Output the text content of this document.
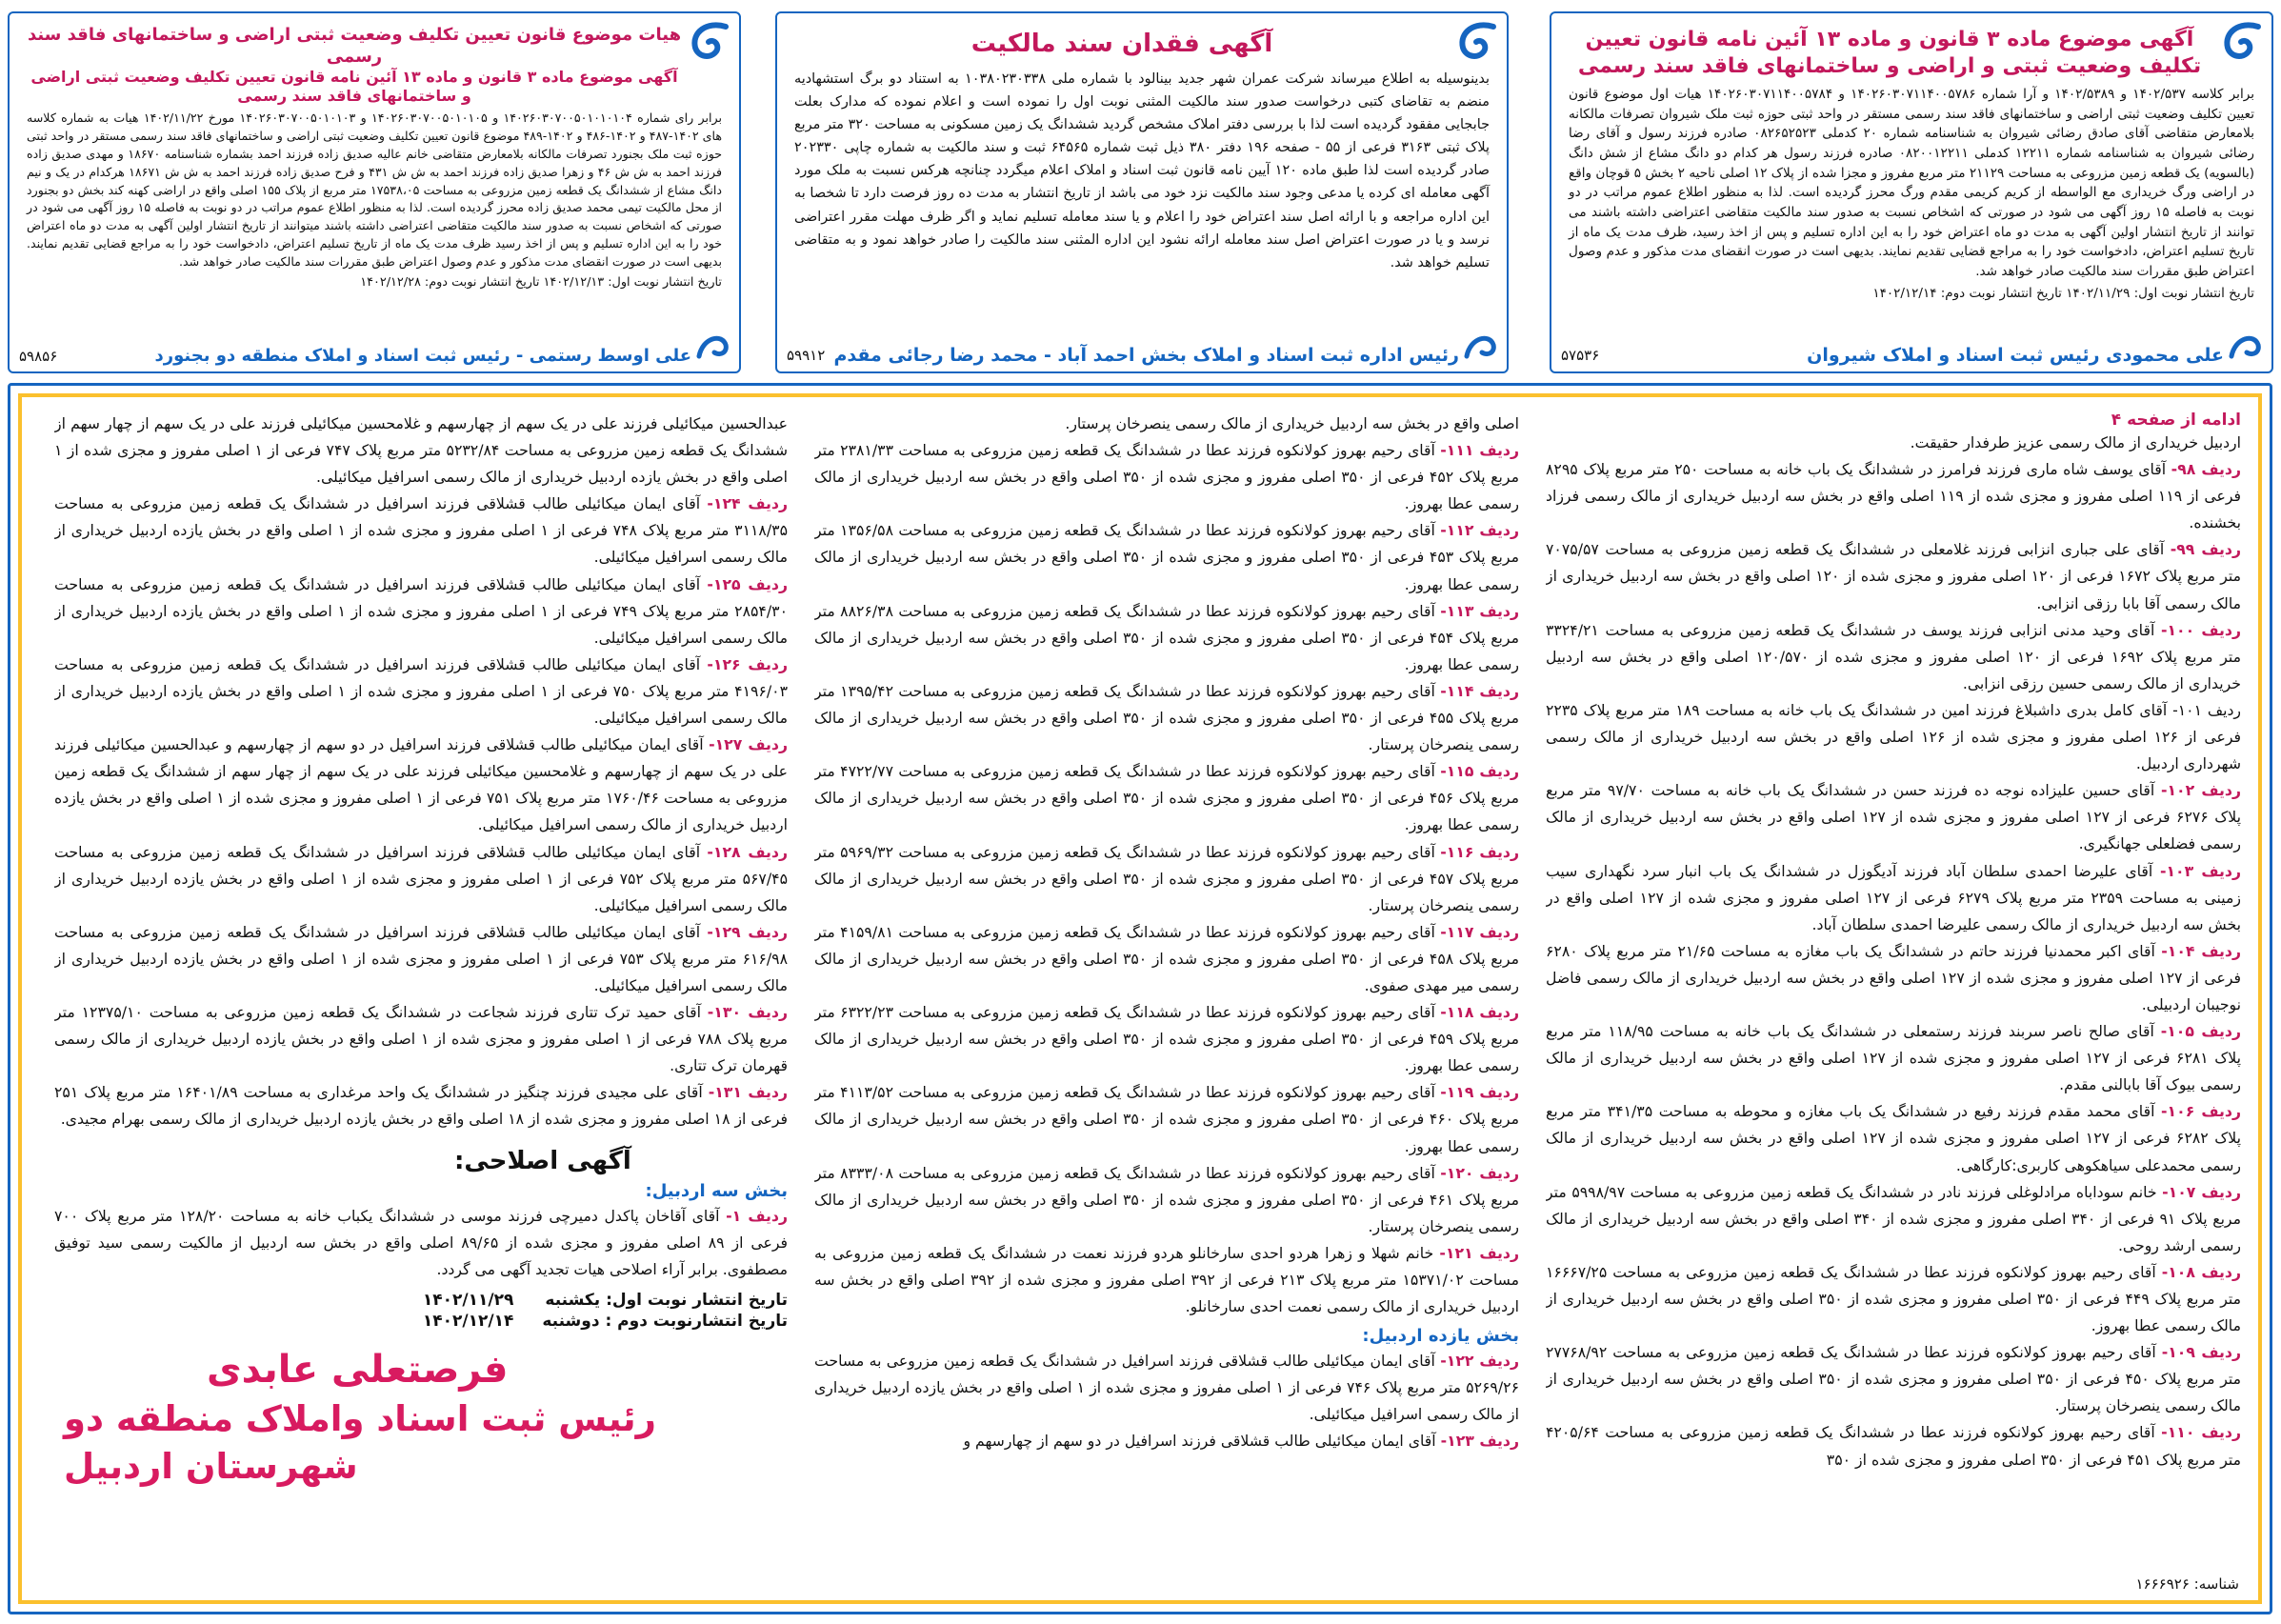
آگهی موضوع ماده ۳ قانون و ماده ۱۳ آئین نامه قانون تعیین تکلیف وضعیت ثبتی و اراضی و ساختمانهای فاقد سند رسمی

برابر کلاسه ۱۴۰۲/۵۳۷ و ۱۴۰۲/۵۳۸۹ و آرا شماره ۱۴۰۲۶۰۳۰۷۱۱۴۰۰۵۷۸۶ و ۱۴۰۲۶۰۳۰۷۱۱۴۰۰۵۷۸۴ هیات اول موضوع قانون تعیین تکلیف وضعیت ثبتی اراضی و ساختمانهای فاقد سند رسمی مستقر در واحد ثبتی حوزه ثبت ملک شیروان تصرفات مالکانه بلامعارض متقاضی آقای صادق رضائی شیروان به شناسنامه شماره ۲۰ کدملی ۰۸۲۶۵۲۵۲۳ صادره فرزند رسول و آقای رضا رضائی شیروان به شناسنامه شماره ۱۲۲۱۱ کدملی ۰۸۲۰۰۱۲۲۱۱ صادره فرزند رسول هر کدام دو دانگ مشاع از شش دانگ (بالسویه) یک قطعه زمین مزروعی به مساحت ۲۱۱۲۹ متر مربع مفروز و مجزا شده از پلاک ۱۲ اصلی ناحیه ۲ بخش ۵ قوچان واقع در اراضی ورگ خریداری مع الواسطه از کریم کریمی مقدم ورگ محرز گردیده است. لذا به منظور اطلاع عموم مراتب در دو نوبت به فاصله ۱۵ روز آگهی می شود در صورتی که اشخاص نسبت به صدور سند مالکیت متقاضی اعتراضی داشته باشند می توانند از تاریخ انتشار اولین آگهی به مدت دو ماه اعتراض خود را به این اداره تسلیم و پس از اخذ رسید، ظرف مدت یک ماه از تاریخ تسلیم اعتراض، دادخواست خود را به مراجع قضایی تقدیم نمایند. بدیهی است در صورت انقضای مدت مذکور و عدم وصول اعتراض طبق مقررات سند مالکیت صادر خواهد شد.

تاریخ انتشار نوبت اول: ۱۴۰۲/۱۱/۲۹ تاریخ انتشار نوبت دوم: ۱۴۰۲/۱۲/۱۴
علی محمودی رئیس ثبت اسناد و املاک شیروان
۵۷۵۳۶

آگهی فقدان سند مالکیت

بدینوسیله به اطلاع میرساند شرکت عمران شهر جدید بینالود با شماره ملی ۱۰۳۸۰۲۳۰۳۳۸ به استناد دو برگ استشهادیه منضم به تقاضای کتبی درخواست صدور سند مالکیت المثنی نوبت اول را نموده است و اعلام نموده که مدارک بعلت جابجایی مفقود گردیده است لذا با بررسی دفتر املاک مشخص گردید ششدانگ یک زمین مسکونی به مساحت ۳۲۰ متر مربع پلاک ثبتی ۳۱۶۳ فرعی از ۵۵ - صفحه ۱۹۶ دفتر ۳۸۰ ذیل ثبت شماره ۶۴۵۶۵ ثبت و سند مالکیت به شماره چاپی ۲۰۲۳۳۰ صادر گردیده است لذا طبق ماده ۱۲۰ آیین نامه قانون ثبت اسناد و املاک اعلام میگردد چنانچه هرکس نسبت به ملک مورد آگهی معامله ای کرده یا مدعی وجود سند مالکیت نزد خود می باشد از تاریخ انتشار به مدت ده روز فرصت دارد تا شخصا به این اداره مراجعه و با ارائه اصل سند اعتراض خود را اعلام و یا سند معامله تسلیم نماید و اگر ظرف مهلت مقرر اعتراضی نرسد و یا در صورت اعتراض اصل سند معامله ارائه نشود این اداره المثنی سند مالکیت را صادر خواهد نمود و به متقاضی تسلیم خواهد شد.

رئیس اداره ثبت اسناد و املاک بخش احمد آباد - محمد رضا رجائی مقدم
۵۹۹۱۲

هیات موضوع قانون تعیین تکلیف وضعیت ثبتی اراضی و ساختمانهای فاقد سند رسمی

آگهی موضوع ماده ۳ قانون و ماده ۱۳ آئین نامه قانون تعیین تکلیف وضعیت ثبتی اراضی و ساختمانهای فاقد سند رسمی

برابر رای شماره ۱۴۰۲۶۰۳۰۷۰۰۵۰۱۰۱۰۱۰۴ و ۱۴۰۲۶۰۳۰۷۰۰۵۰۱۰۱۰۵ و ۱۴۰۲۶۰۳۰۷۰۰۵۰۱۰۱۰۳ مورخ ۱۴۰۲/۱۱/۲۲ هیات به شماره کلاسه های ۱۴۰۲-۴۸۷ و ۱۴۰۲-۴۸۶ و ۱۴۰۲-۴۸۹ موضوع قانون تعیین تکلیف وضعیت ثبتی اراضی و ساختمانهای فاقد سند رسمی مستقر در واحد ثبتی حوزه ثبت ملک بجنورد تصرفات مالکانه بلامعارض متقاضی خانم عالیه صدیق زاده فرزند احمد بشماره شناسنامه ۱۸۶۷۰ و مهدی صدیق زاده فرزند احمد به ش ش ۴۶ و زهرا صدیق زاده فرزند احمد به ش ش ۴۳۱ و فرح صدیق زاده فرزند احمد به ش ش ۱۸۶۷۱ هرکدام در یک و نیم دانگ مشاع از ششدانگ یک قطعه زمین مزروعی به مساحت ۱۷۵۳۸،۰۵ متر مربع از پلاک ۱۵۵ اصلی واقع در اراضی کهنه کند بخش دو بجنورد از محل مالکیت تیمی محمد صدیق زاده محرز گردیده است. لذا به منظور اطلاع عموم مراتب در دو نوبت به فاصله ۱۵ روز آگهی می شود در صورتی که اشخاص نسبت به صدور سند مالکیت متقاضی اعتراضی داشته باشند میتوانند از تاریخ انتشار اولین آگهی به مدت دو ماه اعتراض خود را به این اداره تسلیم و پس از اخذ رسید ظرف مدت یک ماه از تاریخ تسلیم اعتراض، دادخواست خود را به مراجع قضایی تقدیم نمایند. بدیهی است در صورت انقضای مدت مذکور و عدم وصول اعتراض طبق مقررات سند مالکیت صادر خواهد شد.

تاریخ انتشار نوبت اول: ۱۴۰۲/۱۲/۱۳ تاریخ انتشار نوبت دوم: ۱۴۰۲/۱۲/۲۸
علی اوسط رستمی - رئیس ثبت اسناد و املاک منطقه دو بجنورد
۵۹۸۵۶
ادامه از صفحه ۴

اردبیل خریداری از مالک رسمی عزیز طرفدار حقیقت.

ردیف ۹۸- آقای یوسف شاه ماری فرزند فرامرز در ششدانگ یک باب خانه به مساحت ۲۵۰ متر مربع پلاک ۸۲۹۵ فرعی از ۱۱۹ اصلی مفروز و مجزی شده از ۱۱۹ اصلی واقع در بخش سه اردبیل خریداری از مالک رسمی فرزاد بخشنده.

ردیف ۹۹- آقای علی جباری انزابی فرزند غلامعلی در ششدانگ یک قطعه زمین مزروعی به مساحت ۷۰۷۵/۵۷ متر مربع پلاک ۱۶۷۲ فرعی از ۱۲۰ اصلی مفروز و مجزی شده از ۱۲۰ اصلی واقع در بخش سه اردبیل خریداری از مالک رسمی آقا بابا رزقی انزابی.

ردیف ۱۰۰- آقای وحید مدنی انزابی فرزند یوسف در ششدانگ یک قطعه زمین مزروعی به مساحت ۳۳۲۴/۲۱ متر مربع پلاک ۱۶۹۲ فرعی از ۱۲۰ اصلی مفروز و مجزی شده از ۱۲۰/۵۷۰ اصلی واقع در بخش سه اردبیل خریداری از مالک رسمی حسین رزقی انزابی.

ردیف ۱۰۱- آقای کامل بدری داشبلاغ فرزند امین در ششدانگ یک باب خانه به مساحت ۱۸۹ متر مربع پلاک ۲۲۳۵ فرعی از ۱۲۶ اصلی مفروز و مجزی شده از ۱۲۶ اصلی واقع در بخش سه اردبیل خریداری از مالک رسمی شهرداری اردبیل.

ردیف ۱۰۲- آقای حسین علیزاده نوجه ده فرزند حسن در ششدانگ یک باب خانه به مساحت ۹۷/۷۰ متر مربع پلاک ۶۲۷۶ فرعی از ۱۲۷ اصلی مفروز و مجزی شده از ۱۲۷ اصلی واقع در بخش سه اردبیل خریداری از مالک رسمی فضلعلی جهانگیری.

ردیف ۱۰۳- آقای علیرضا احمدی سلطان آباد فرزند آدیگوزل در ششدانگ یک باب انبار سرد نگهداری سیب زمینی به مساحت ۲۳۵۹ متر مربع پلاک ۶۲۷۹ فرعی از ۱۲۷ اصلی مفروز و مجزی شده از ۱۲۷ اصلی واقع در بخش سه اردبیل خریداری از مالک رسمی علیرضا احمدی سلطان آباد.

ردیف ۱۰۴- آقای اکبر محمدنیا فرزند حاتم در ششدانگ یک باب مغازه به مساحت ۲۱/۶۵ متر مربع پلاک ۶۲۸۰ فرعی از ۱۲۷ اصلی مفروز و مجزی شده از ۱۲۷ اصلی واقع در بخش سه اردبیل خریداری از مالک رسمی فاضل نوجیبان اردبیلی.

ردیف ۱۰۵- آقای صالح ناصر سربند فرزند رستمعلی در ششدانگ یک باب خانه به مساحت ۱۱۸/۹۵ متر مربع پلاک ۶۲۸۱ فرعی از ۱۲۷ اصلی مفروز و مجزی شده از ۱۲۷ اصلی واقع در بخش سه اردبیل خریداری از مالک رسمی بیوک آقا بابالنی مقدم.

ردیف ۱۰۶- آقای محمد مقدم فرزند رفیع در ششدانگ یک باب مغازه و محوطه به مساحت ۳۴۱/۳۵ متر مربع پلاک ۶۲۸۲ فرعی از ۱۲۷ اصلی مفروز و مجزی شده از ۱۲۷ اصلی واقع در بخش سه اردبیل خریداری از مالک رسمی محمدعلی سیاهکوهی کاربری:کارگاهی.

ردیف ۱۰۷- خانم سوداباه مرادلوغلی فرزند نادر در ششدانگ یک قطعه زمین مزروعی به مساحت ۵۹۹۸/۹۷ متر مربع پلاک ۹۱ فرعی از ۳۴۰ اصلی مفروز و مجزی شده از ۳۴۰ اصلی واقع در بخش سه اردبیل خریداری از مالک رسمی ارشد روحی.

ردیف ۱۰۸- آقای رحیم بهروز کولانکوه فرزند عطا در ششدانگ یک قطعه زمین مزروعی به مساحت ۱۶۶۶۷/۲۵ متر مربع پلاک ۴۴۹ فرعی از ۳۵۰ اصلی مفروز و مجزی شده از ۳۵۰ اصلی واقع در بخش سه اردبیل خریداری از مالک رسمی عطا بهروز.

ردیف ۱۰۹- آقای رحیم بهروز کولانکوه فرزند عطا در ششدانگ یک قطعه زمین مزروعی به مساحت ۲۷۷۶۸/۹۲ متر مربع پلاک ۴۵۰ فرعی از ۳۵۰ اصلی مفروز و مجزی شده از ۳۵۰ اصلی واقع در بخش سه اردبیل خریداری از مالک رسمی ینصرخان پرستار.

ردیف ۱۱۰- آقای رحیم بهروز کولانکوه فرزند عطا در ششدانگ یک قطعه زمین مزروعی به مساحت ۴۲۰۵/۶۴ متر مربع پلاک ۴۵۱ فرعی از ۳۵۰ اصلی مفروز و مجزی شده از ۳۵۰

اصلی واقع در بخش سه اردبیل خریداری از مالک رسمی ینصرخان پرستار.

ردیف ۱۱۱- آقای رحیم بهروز کولانکوه فرزند عطا در ششدانگ یک قطعه زمین مزروعی به مساحت ۲۳۸۱/۳۳ متر مربع پلاک ۴۵۲ فرعی از ۳۵۰ اصلی مفروز و مجزی شده از ۳۵۰ اصلی واقع در بخش سه اردبیل خریداری از مالک رسمی عطا بهروز.

ردیف ۱۱۲- آقای رحیم بهروز کولانکوه فرزند عطا در ششدانگ یک قطعه زمین مزروعی به مساحت ۱۳۵۶/۵۸ متر مربع پلاک ۴۵۳ فرعی از ۳۵۰ اصلی مفروز و مجزی شده از ۳۵۰ اصلی واقع در بخش سه اردبیل خریداری از مالک رسمی عطا بهروز.

ردیف ۱۱۳- آقای رحیم بهروز کولانکوه فرزند عطا در ششدانگ یک قطعه زمین مزروعی به مساحت ۸۸۲۶/۳۸ متر مربع پلاک ۴۵۴ فرعی از ۳۵۰ اصلی مفروز و مجزی شده از ۳۵۰ اصلی واقع در بخش سه اردبیل خریداری از مالک رسمی عطا بهروز.

ردیف ۱۱۴- آقای رحیم بهروز کولانکوه فرزند عطا در ششدانگ یک قطعه زمین مزروعی به مساحت ۱۳۹۵/۴۲ متر مربع پلاک ۴۵۵ فرعی از ۳۵۰ اصلی مفروز و مجزی شده از ۳۵۰ اصلی واقع در بخش سه اردبیل خریداری از مالک رسمی ینصرخان پرستار.

ردیف ۱۱۵- آقای رحیم بهروز کولانکوه فرزند عطا در ششدانگ یک قطعه زمین مزروعی به مساحت ۴۷۲۲/۷۷ متر مربع پلاک ۴۵۶ فرعی از ۳۵۰ اصلی مفروز و مجزی شده از ۳۵۰ اصلی واقع در بخش سه اردبیل خریداری از مالک رسمی عطا بهروز.

ردیف ۱۱۶- آقای رحیم بهروز کولانکوه فرزند عطا در ششدانگ یک قطعه زمین مزروعی به مساحت ۵۹۶۹/۳۲ متر مربع پلاک ۴۵۷ فرعی از ۳۵۰ اصلی مفروز و مجزی شده از ۳۵۰ اصلی واقع در بخش سه اردبیل خریداری از مالک رسمی ینصرخان پرستار.

ردیف ۱۱۷- آقای رحیم بهروز کولانکوه فرزند عطا در ششدانگ یک قطعه زمین مزروعی به مساحت ۴۱۵۹/۸۱ متر مربع پلاک ۴۵۸ فرعی از ۳۵۰ اصلی مفروز و مجزی شده از ۳۵۰ اصلی واقع در بخش سه اردبیل خریداری از مالک رسمی میر مهدی صفوی.

ردیف ۱۱۸- آقای رحیم بهروز کولانکوه فرزند عطا در ششدانگ یک قطعه زمین مزروعی به مساحت ۶۳۲۲/۲۳ متر مربع پلاک ۴۵۹ فرعی از ۳۵۰ اصلی مفروز و مجزی شده از ۳۵۰ اصلی واقع در بخش سه اردبیل خریداری از مالک رسمی عطا بهروز.

ردیف ۱۱۹- آقای رحیم بهروز کولانکوه فرزند عطا در ششدانگ یک قطعه زمین مزروعی به مساحت ۴۱۱۳/۵۲ متر مربع پلاک ۴۶۰ فرعی از ۳۵۰ اصلی مفروز و مجزی شده از ۳۵۰ اصلی واقع در بخش سه اردبیل خریداری از مالک رسمی عطا بهروز.

ردیف ۱۲۰- آقای رحیم بهروز کولانکوه فرزند عطا در ششدانگ یک قطعه زمین مزروعی به مساحت ۸۳۳۳/۰۸ متر مربع پلاک ۴۶۱ فرعی از ۳۵۰ اصلی مفروز و مجزی شده از ۳۵۰ اصلی واقع در بخش سه اردبیل خریداری از مالک رسمی ینصرخان پرستار.

ردیف ۱۲۱- خانم شهلا و زهرا هردو احدی سارخانلو هردو فرزند نعمت در ششدانگ یک قطعه زمین مزروعی به مساحت ۱۵۳۷۱/۰۲ متر مربع پلاک ۲۱۳ فرعی از ۳۹۲ اصلی مفروز و مجزی شده از ۳۹۲ اصلی واقع در بخش سه اردبیل خریداری از مالک رسمی نعمت احدی سارخانلو.

بخش یازده اردبیل:

ردیف ۱۲۲- آقای ایمان میکائیلی طالب قشلاقی فرزند اسرافیل در ششدانگ یک قطعه زمین مزروعی به مساحت ۵۲۶۹/۲۶ متر مربع پلاک ۷۴۶ فرعی از ۱ اصلی مفروز و مجزی شده از ۱ اصلی واقع در بخش یازده اردبیل خریداری از مالک رسمی اسرافیل میکائیلی.

ردیف ۱۲۳- آقای ایمان میکائیلی طالب قشلاقی فرزند اسرافیل در دو سهم از چهارسهم و

عبدالحسین میکائیلی فرزند علی در یک سهم از چهارسهم و غلامحسین میکائیلی فرزند علی در یک سهم از چهار سهم از ششدانگ یک قطعه زمین مزروعی به مساحت ۵۲۳۲/۸۴ متر مربع پلاک ۷۴۷ فرعی از ۱ اصلی مفروز و مجزی شده از ۱ اصلی واقع در بخش یازده اردبیل خریداری از مالک رسمی اسرافیل میکائیلی.

ردیف ۱۲۴- آقای ایمان میکائیلی طالب قشلاقی فرزند اسرافیل در ششدانگ یک قطعه زمین مزروعی به مساحت ۳۱۱۸/۳۵ متر مربع پلاک ۷۴۸ فرعی از ۱ اصلی مفروز و مجزی شده از ۱ اصلی واقع در بخش یازده اردبیل خریداری از مالک رسمی اسرافیل میکائیلی.

ردیف ۱۲۵- آقای ایمان میکائیلی طالب قشلاقی فرزند اسرافیل در ششدانگ یک قطعه زمین مزروعی به مساحت ۲۸۵۴/۳۰ متر مربع پلاک ۷۴۹ فرعی از ۱ اصلی مفروز و مجزی شده از ۱ اصلی واقع در بخش یازده اردبیل خریداری از مالک رسمی اسرافیل میکائیلی.

ردیف ۱۲۶- آقای ایمان میکائیلی طالب قشلاقی فرزند اسرافیل در ششدانگ یک قطعه زمین مزروعی به مساحت ۴۱۹۶/۰۳ متر مربع پلاک ۷۵۰ فرعی از ۱ اصلی مفروز و مجزی شده از ۱ اصلی واقع در بخش یازده اردبیل خریداری از مالک رسمی اسرافیل میکائیلی.

ردیف ۱۲۷- آقای ایمان میکائیلی طالب قشلاقی فرزند اسرافیل در دو سهم از چهارسهم و عبدالحسین میکائیلی فرزند علی در یک سهم از چهارسهم و غلامحسین میکائیلی فرزند علی در یک سهم از چهار سهم از ششدانگ یک قطعه زمین مزروعی به مساحت ۱۷۶۰/۴۶ متر مربع پلاک ۷۵۱ فرعی از ۱ اصلی مفروز و مجزی شده از ۱ اصلی واقع در بخش یازده اردبیل خریداری از مالک رسمی اسرافیل میکائیلی.

ردیف ۱۲۸- آقای ایمان میکائیلی طالب قشلاقی فرزند اسرافیل در ششدانگ یک قطعه زمین مزروعی به مساحت ۵۶۷/۴۵ متر مربع پلاک ۷۵۲ فرعی از ۱ اصلی مفروز و مجزی شده از ۱ اصلی واقع در بخش یازده اردبیل خریداری از مالک رسمی اسرافیل میکائیلی.

ردیف ۱۲۹- آقای ایمان میکائیلی طالب قشلاقی فرزند اسرافیل در ششدانگ یک قطعه زمین مزروعی به مساحت ۶۱۶/۹۸ متر مربع پلاک ۷۵۳ فرعی از ۱ اصلی مفروز و مجزی شده از ۱ اصلی واقع در بخش یازده اردبیل خریداری از مالک رسمی اسرافیل میکائیلی.

ردیف ۱۳۰- آقای حمید ترک تتاری فرزند شجاعت در ششدانگ یک قطعه زمین مزروعی به مساحت ۱۲۳۷۵/۱۰ متر مربع پلاک ۷۸۸ فرعی از ۱ اصلی مفروز و مجزی شده از ۱ اصلی واقع در بخش یازده اردبیل خریداری از مالک رسمی قهرمان ترک تتاری.

ردیف ۱۳۱- آقای علی مجیدی فرزند چنگیز در ششدانگ یک واحد مرغداری به مساحت ۱۶۴۰۱/۸۹ متر مربع پلاک ۲۵۱ فرعی از ۱۸ اصلی مفروز و مجزی شده از ۱۸ اصلی واقع در بخش یازده اردبیل خریداری از مالک رسمی بهرام مجیدی.

آگهی اصلاحی:
بخش سه اردبیل:

ردیف ۱- آقای آقاخان پاکدل دمیرچی فرزند موسی در ششدانگ یکباب خانه به مساحت ۱۲۸/۲۰ متر مربع پلاک ۷۰۰ فرعی از ۸۹ اصلی مفروز و مجزی شده از ۸۹/۶۵ اصلی واقع در بخش سه اردبیل از مالکیت رسمی سید توفیق مصطفوی. برابر آراء اصلاحی هیات تجدید آگهی می گردد.

تاریخ انتشار نوبت اول: یکشنبه
۱۴۰۲/۱۱/۲۹
تاریخ انتشارنوبت دوم : دوشنبه
۱۴۰۲/۱۲/۱۴
فرصتعلی عابدی
رئیس ثبت اسناد واملاک منطقه دو شهرستان اردبیل
شناسه: ۱۶۶۶۹۲۶
